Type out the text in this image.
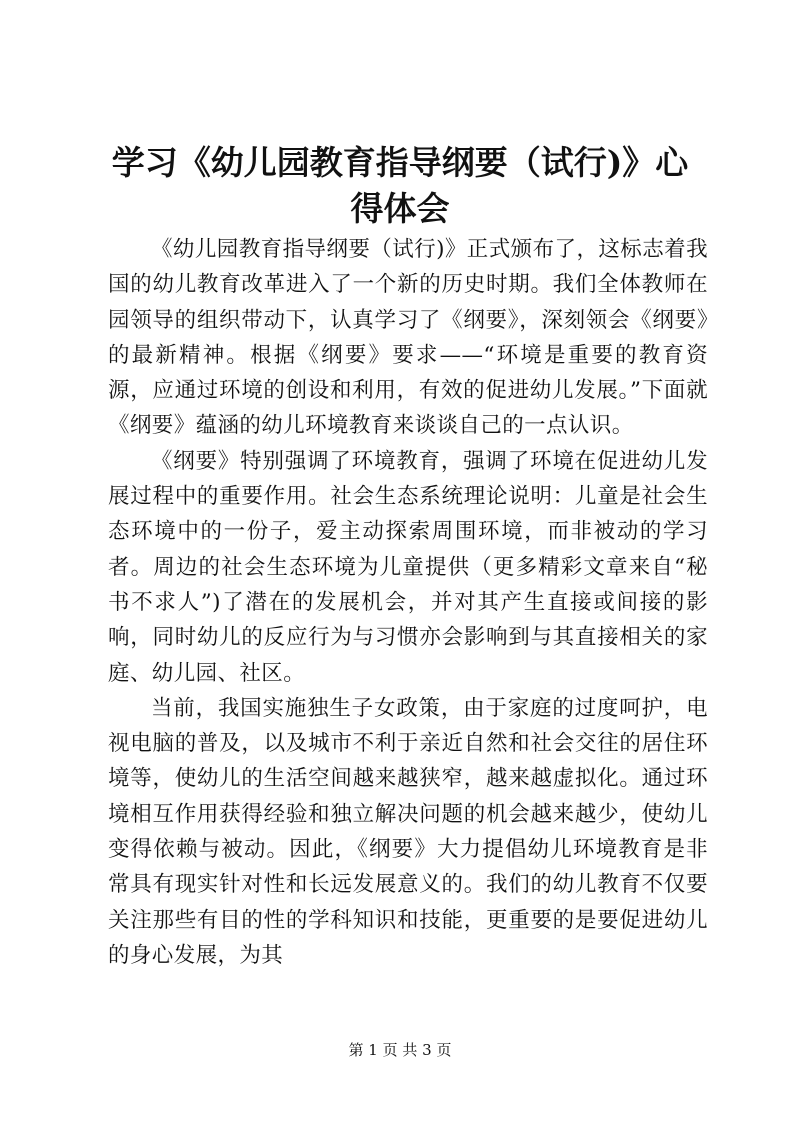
学习《幼儿园教育指导纲要（试行)》心得体会

《幼儿园教育指导纲要（试行)》正式颁布了，这标志着我国的幼儿教育改革进入了一个新的历史时期。我们全体教师在园领导的组织带动下，认真学习了《纲要》，深刻领会《纲要》的最新精神。根据《纲要》要求——“环境是重要的教育资源，应通过环境的创设和利用，有效的促进幼儿发展。”下面就《纲要》蕴涵的幼儿环境教育来谈谈自己的一点认识。

《纲要》特别强调了环境教育，强调了环境在促进幼儿发展过程中的重要作用。社会生态系统理论说明：儿童是社会生态环境中的一份子，爱主动探索周围环境，而非被动的学习者。周边的社会生态环境为儿童提供（更多精彩文章来自“秘书不求人”)了潜在的发展机会，并对其产生直接或间接的影响，同时幼儿的反应行为与习惯亦会影响到与其直接相关的家庭、幼儿园、社区。

当前，我国实施独生子女政策，由于家庭的过度呵护，电视电脑的普及，以及城市不利于亲近自然和社会交往的居住环境等，使幼儿的生活空间越来越狭窄，越来越虚拟化。通过环境相互作用获得经验和独立解决问题的机会越来越少，使幼儿变得依赖与被动。因此，《纲要》大力提倡幼儿环境教育是非常具有现实针对性和长远发展意义的。我们的幼儿教育不仅要关注那些有目的性的学科知识和技能，更重要的是要促进幼儿的身心发展，为其

第 1 页 共 3 页
